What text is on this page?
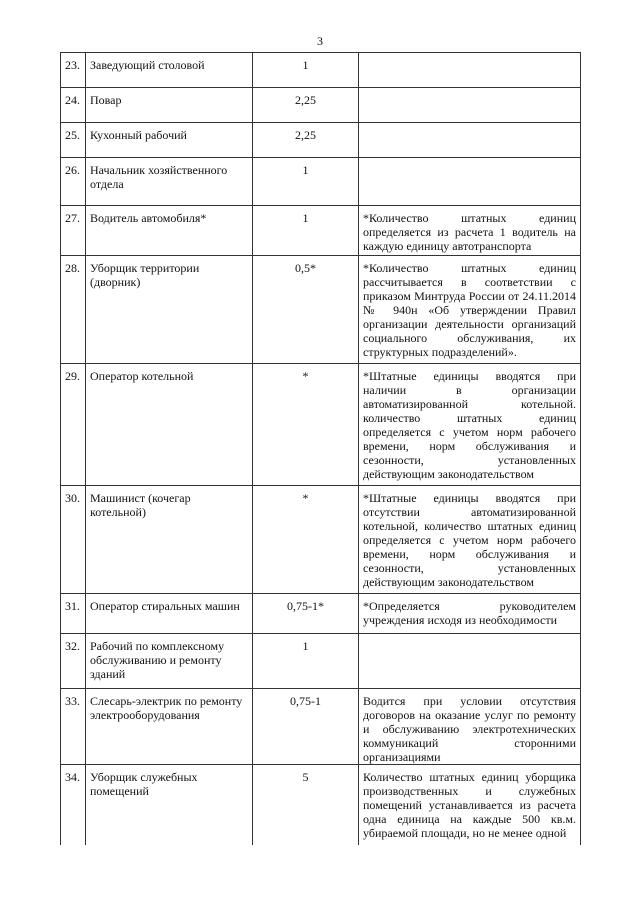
3
23.	Заведующий столовой	1	
24.	Повар	2,25	
25.	Кухонный рабочий	2,25	
26.	Начальник хозяйственного отдела	1	
27.	Водитель автомобиля*	1	*Количество штатных единиц определяется из расчета 1 водитель на каждую единицу автотранспорта
28.	Уборщик территории (дворник)	0,5*	*Количество штатных единиц рассчитывается в соответствии с приказом Минтруда России от 24.11.2014 № 940н «Об утверждении Правил организации деятельности организаций социального обслуживания, их структурных подразделений».
29.	Оператор котельной	*	*Штатные единицы вводятся при наличии в организации автоматизированной котельной. количество штатных единиц определяется с учетом норм рабочего времени, норм обслуживания и сезонности, установленных действующим законодательством
30.	Машинист (кочегар котельной)	*	*Штатные единицы вводятся при отсутствии автоматизированной котельной, количество штатных единиц определяется с учетом норм рабочего времени, норм обслуживания и сезонности, установленных действующим законодательством
31.	Оператор стиральных машин	0,75-1*	*Определяется руководителем учреждения исходя из необходимости
32.	Рабочий по комплексному обслуживанию и ремонту зданий	1	
33.	Слесарь-электрик по ремонту электрооборудования	0,75-1	Водится при условии отсутствия договоров на оказание услуг по ремонту и обслуживанию электротехнических коммуникаций сторонними организациями
34.	Уборщик служебных помещений	5	Количество штатных единиц уборщика производственных и служебных помещений устанавливается из расчета одна единица на каждые 500 кв.м. убираемой площади, но не менее одной
